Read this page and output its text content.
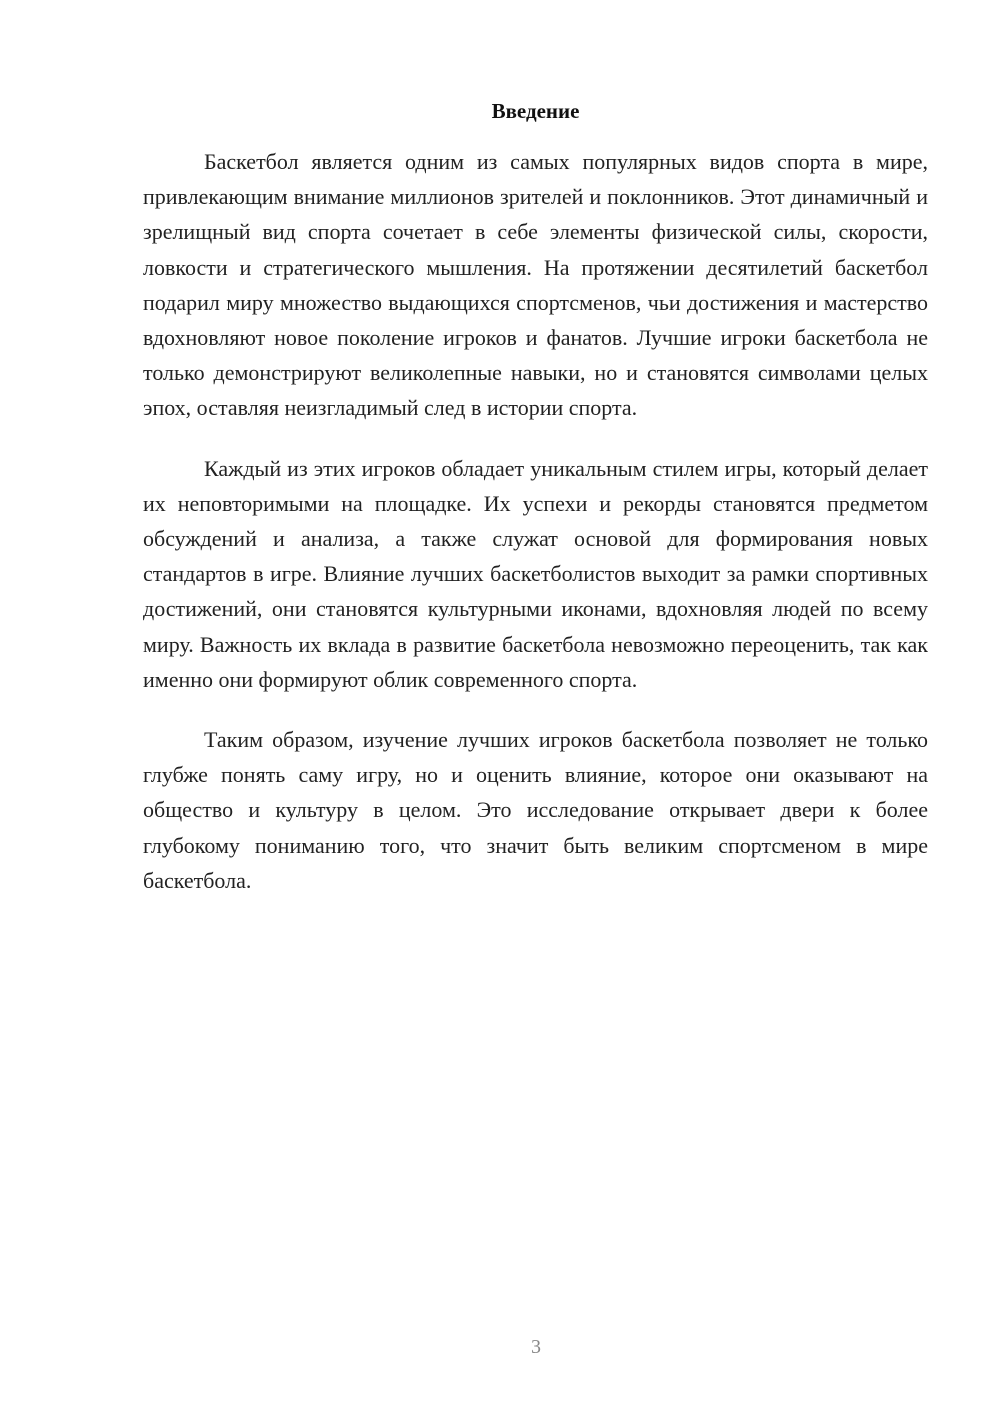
Введение

Баскетбол является одним из самых популярных видов спорта в мире, привлекающим внимание миллионов зрителей и поклонников. Этот динамичный и зрелищный вид спорта сочетает в себе элементы физической силы, скорости, ловкости и стратегического мышления. На протяжении десятилетий баскетбол подарил миру множество выдающихся спортсменов, чьи достижения и мастерство вдохновляют новое поколение игроков и фанатов. Лучшие игроки баскетбола не только демонстрируют великолепные навыки, но и становятся символами целых эпох, оставляя неизгладимый след в истории спорта.

Каждый из этих игроков обладает уникальным стилем игры, который делает их неповторимыми на площадке. Их успехи и рекорды становятся предметом обсуждений и анализа, а также служат основой для формирования новых стандартов в игре. Влияние лучших баскетболистов выходит за рамки спортивных достижений, они становятся культурными иконами, вдохновляя людей по всему миру. Важность их вклада в развитие баскетбола невозможно переоценить, так как именно они формируют облик современного спорта.

Таким образом, изучение лучших игроков баскетбола позволяет не только глубже понять саму игру, но и оценить влияние, которое они оказывают на общество и культуру в целом. Это исследование открывает двери к более глубокому пониманию того, что значит быть великим спортсменом в мире баскетбола.

3
